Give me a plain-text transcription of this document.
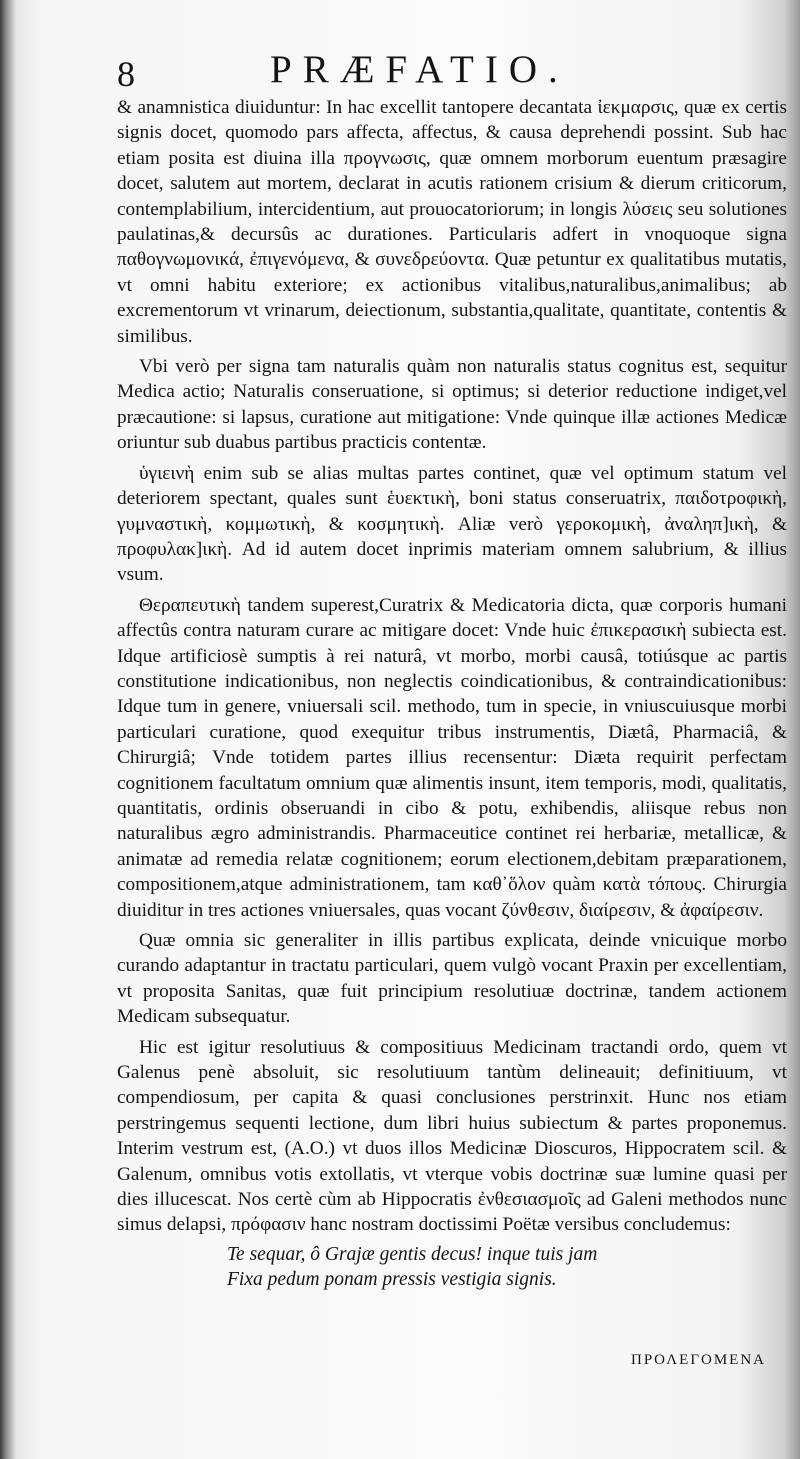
8	PRÆFATIO.

& anamnistica diuiduntur: In hac excellit tantopere decantata ἰεκμαρσις, quæ ex certis signis docet, quomodo pars affecta, affectus, & causa deprehendi possint. Sub hac etiam posita est diuina illa προγνωσις, quæ omnem morborum euentum præsagire docet, salutem aut mortem, declarat in acutis rationem crisium & dierum criticorum, contemplabilium, intercidentium, aut prouocatoriorum; in longis λύσεις seu solutiones paulatinas,& decursûs ac durationes. Particularis adfert in vnoquoque signa παθογνωμονικά, ἐπιγενόμενα, & συνεδρεύοντα. Quæ petuntur ex qualitatibus mutatis, vt omni habitu exteriore; ex actionibus vitalibus,naturalibus,animalibus; ab excrementorum vt vrinarum, deiectionum, substantia,qualitate, quantitate, contentis & similibus.

Vbi verò per signa tam naturalis quàm non naturalis status cognitus est, sequitur Medica actio; Naturalis conseruatione, si optimus; si deterior reductione indiget,vel præcautione: si lapsus, curatione aut mitigatione: Vnde quinque illæ actiones Medicæ oriuntur sub duabus partibus practicis contentæ.

ὑγιεινὴ enim sub se alias multas partes continet, quæ vel optimum statum vel deteriorem spectant, quales sunt ἑυεκτικὴ, boni status conseruatrix, παιδοτροφικὴ, γυμναστικὴ, κομμωτικὴ, & κοσμητικὴ. Aliæ verò γεροκομικὴ, ἀναληπ]ικὴ, & προφυλακ]ικὴ. Ad id autem docet inprimis materiam omnem salubrium, & illius vsum.

Θεραπευτικὴ tandem superest,Curatrix & Medicatoria dicta, quæ corporis humani affectûs contra naturam curare ac mitigare docet: Vnde huic ἐπικερασικὴ subiecta est. Idque artificiosè sumptis à rei naturâ, vt morbo, morbi causâ, totiúsque ac partis constitutione indicationibus, non neglectis coindicationibus, & contraindicationibus: Idque tum in genere, vniuersali scil. methodo, tum in specie, in vniuscuiusque morbi particulari curatione, quod exequitur tribus instrumentis, Diætâ, Pharmaciâ, & Chirurgiâ; Vnde totidem partes illius recensentur: Diæta requirit perfectam cognitionem facultatum omnium quæ alimentis insunt, item temporis, modi, qualitatis, quantitatis, ordinis obseruandi in cibo & potu, exhibendis, aliisque rebus non naturalibus ægro administrandis. Pharmaceutice continet rei herbariæ, metallicæ, & animatæ ad remedia relatæ cognitionem; eorum electionem,debitam præparationem, compositionem,atque administrationem, tam καθ᾿ὅλον quàm κατὰ τόπους. Chirurgia diuiditur in tres actiones vniuersales, quas vocant ζύνθεσιν, διαίρεσιν, & ἀφαίρεσιν.

Quæ omnia sic generaliter in illis partibus explicata, deinde vnicuique morbo curando adaptantur in tractatu particulari, quem vulgò vocant Praxin per excellentiam, vt proposita Sanitas, quæ fuit principium resolutiuæ doctrinæ, tandem actionem Medicam subsequatur.

Hic est igitur resolutiuus & compositiuus Medicinam tractandi ordo, quem vt Galenus penè absoluit, sic resolutiuum tantùm delineauit; definitiuum, vt compendiosum, per capita & quasi conclusiones perstrinxit. Hunc nos etiam perstringemus sequenti lectione, dum libri huius subiectum & partes proponemus. Interim vestrum est, (A.O.) vt duos illos Medicinæ Dioscuros, Hippocratem scil. & Galenum, omnibus votis extollatis, vt vterque vobis doctrinæ suæ lumine quasi per dies illucescat. Nos certè cùm ab Hippocratis ἐνθεσιασμοῖς ad Galeni methodos nunc simus delapsi, πρόφασιν hanc nostram doctissimi Poëtæ versibus concludemus:

Te sequar, ô Grajæ gentis decus! inque tuis jam
Fixa pedum ponam pressis vestigia signis.
ΠΡΟΛΕΓΟΜΕΝΑ
